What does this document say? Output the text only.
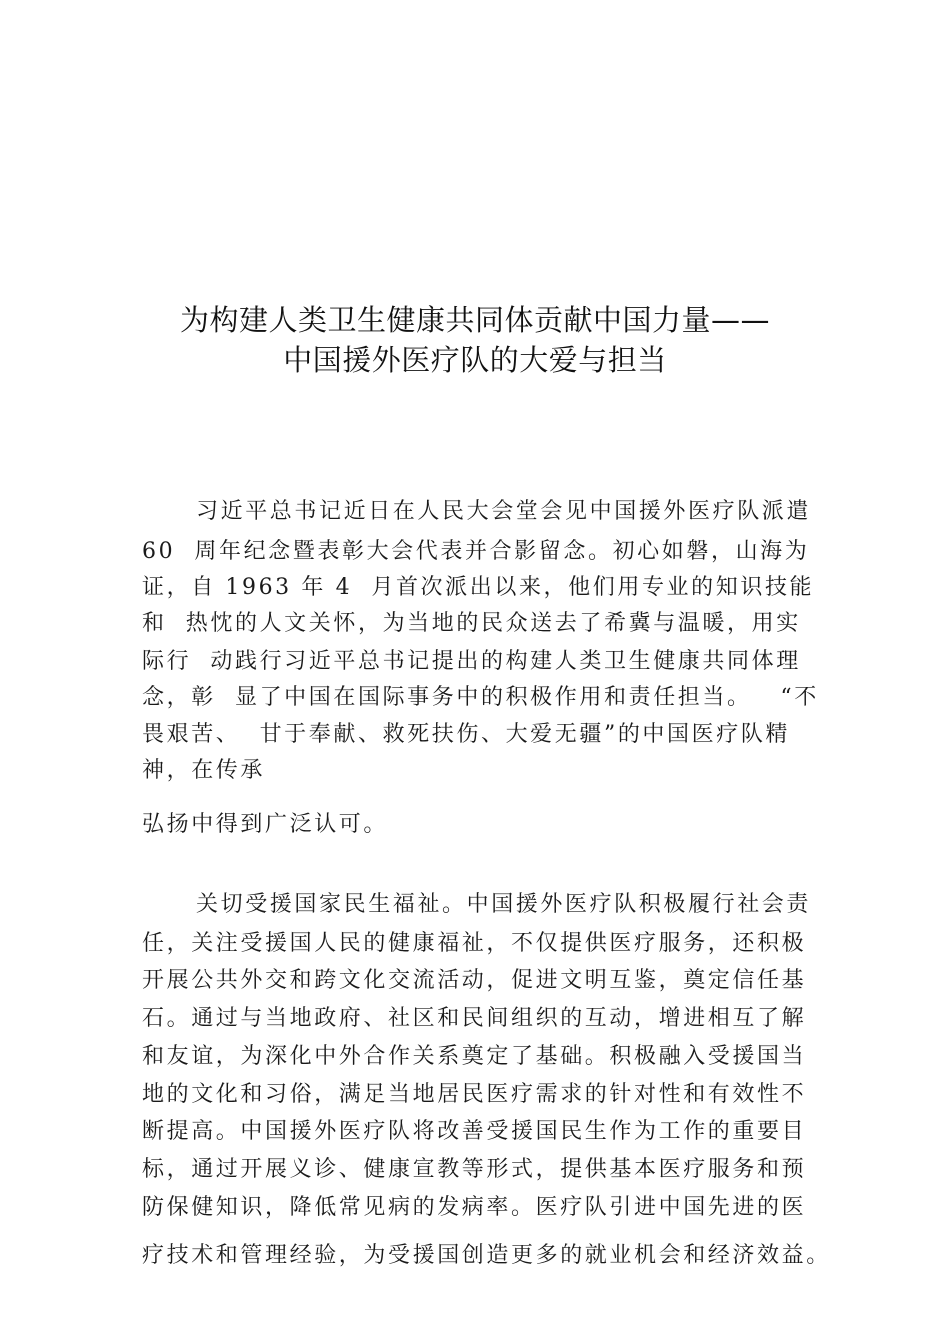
为构建人类卫生健康共同体贡献中国力量——
中国援外医疗队的大爱与担当
习近平总书记近日在人民大会堂会见中国援外医疗队派遣
60  周年纪念暨表彰大会代表并合影留念。初心如磐，山海为
证，自 1963 年 4  月首次派出以来，他们用专业的知识技能
和  热忱的人文关怀，为当地的民众送去了希冀与温暖，用实
际行  动践行习近平总书记提出的构建人类卫生健康共同体理
念，彰  显了中国在国际事务中的积极作用和责任担当。   “不
畏艰苦、  甘于奉献、救死扶伤、大爱无疆”的中国医疗队精
神，在传承
弘扬中得到广泛认可。
关切受援国家民生福祉。中国援外医疗队积极履行社会责
任，关注受援国人民的健康福祉，不仅提供医疗服务，还积极
开展公共外交和跨文化交流活动，促进文明互鉴，奠定信任基
石。通过与当地政府、社区和民间组织的互动，增进相互了解
和友谊，为深化中外合作关系奠定了基础。积极融入受援国当
地的文化和习俗，满足当地居民医疗需求的针对性和有效性不
断提高。中国援外医疗队将改善受援国民生作为工作的重要目
标，通过开展义诊、健康宣教等形式，提供基本医疗服务和预
防保健知识，降低常见病的发病率。医疗队引进中国先进的医
疗技术和管理经验，为受援国创造更多的就业机会和经济效益。
